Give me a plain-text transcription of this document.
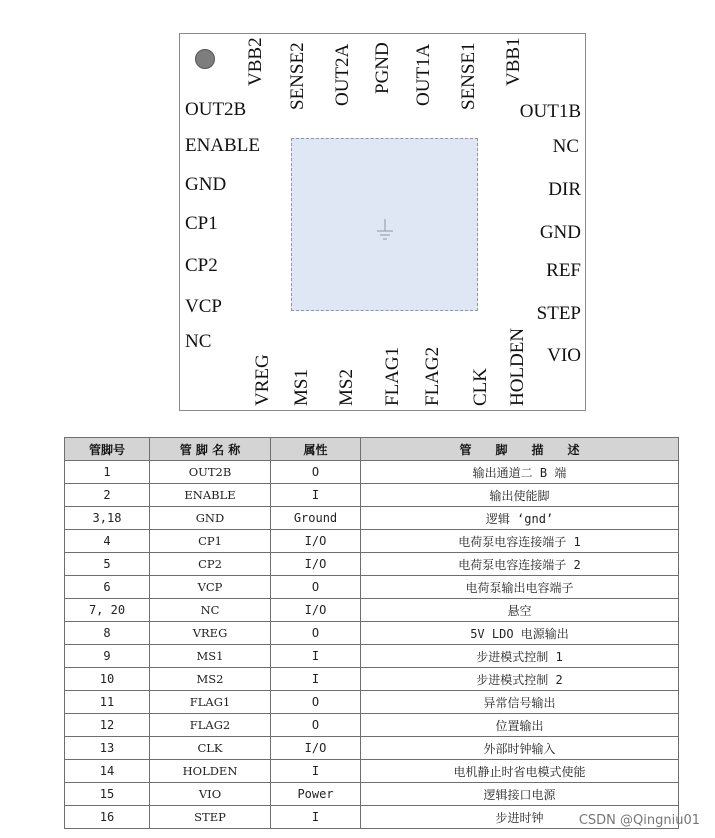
VBB2 SENSE2 OUT2A PGND OUT1A SENSE1 VBB1
OUT2B
ENABLE
GND
CP1
CP2
VCP
NC
OUT1B
NC
DIR
GND
REF
STEP
VIO
VREG MS1 MS2 FLAG1 FLAG2 CLK HOLDEN
管脚号	管 脚 名 称	属性	管　　脚　　描　　述
1	OUT2B	O	输出通道二 B 端
2	ENABLE	I	输出使能脚
3,18	GND	Ground	逻辑 ‘gnd’
4	CP1	I/O	电荷泵电容连接端子 1
5	CP2	I/O	电荷泵电容连接端子 2
6	VCP	O	电荷泵输出电容端子
7, 20	NC	I/O	悬空
8	VREG	O	5V LDO 电源输出
9	MS1	I	步进模式控制 1
10	MS2	I	步进模式控制 2
11	FLAG1	O	异常信号输出
12	FLAG2	O	位置输出
13	CLK	I/O	外部时钟输入
14	HOLDEN	I	电机静止时省电模式使能
15	VIO	Power	逻辑接口电源
16	STEP	I	步进时钟	CSDN @Qingniu01
